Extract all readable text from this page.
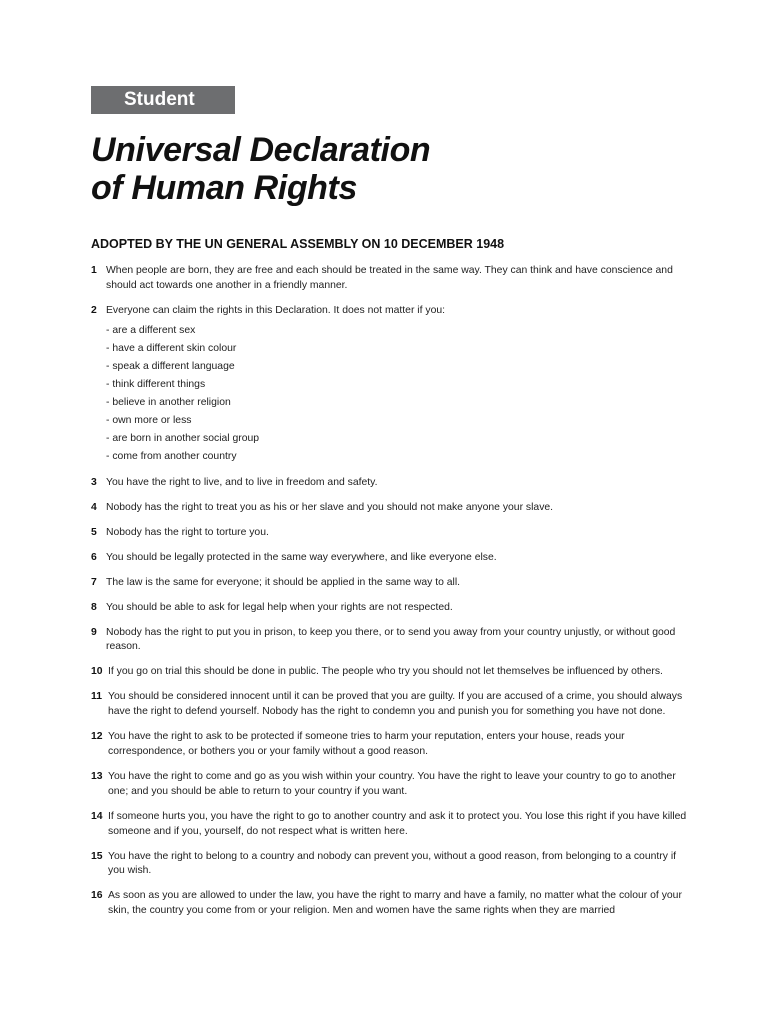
Student
Universal Declaration
of Human Rights
ADOPTED BY THE UN GENERAL ASSEMBLY ON 10 DECEMBER 1948
1 When people are born, they are free and each should be treated in the same way. They can think and have conscience and should act towards one another in a friendly manner.
2 Everyone can claim the rights in this Declaration. It does not matter if you:
- are a different sex
- have a different skin colour
- speak a different language
- think different things
- believe in another religion
- own more or less
- are born in another social group
- come from another country
3 You have the right to live, and to live in freedom and safety.
4 Nobody has the right to treat you as his or her slave and you should not make anyone your slave.
5 Nobody has the right to torture you.
6 You should be legally protected in the same way everywhere, and like everyone else.
7 The law is the same for everyone; it should be applied in the same way to all.
8 You should be able to ask for legal help when your rights are not respected.
9 Nobody has the right to put you in prison, to keep you there, or to send you away from your country unjustly, or without good reason.
10 If you go on trial this should be done in public. The people who try you should not let themselves be influenced by others.
11 You should be considered innocent until it can be proved that you are guilty. If you are accused of a crime, you should always have the right to defend yourself. Nobody has the right to condemn you and punish you for something you have not done.
12 You have the right to ask to be protected if someone tries to harm your reputation, enters your house, reads your correspondence, or bothers you or your family without a good reason.
13 You have the right to come and go as you wish within your country. You have the right to leave your country to go to another one; and you should be able to return to your country if you want.
14 If someone hurts you, you have the right to go to another country and ask it to protect you. You lose this right if you have killed someone and if you, yourself, do not respect what is written here.
15 You have the right to belong to a country and nobody can prevent you, without a good reason, from belonging to a country if you wish.
16 As soon as you are allowed to under the law, you have the right to marry and have a family, no matter what the colour of your skin, the country you come from or your religion. Men and women have the same rights when they are married
